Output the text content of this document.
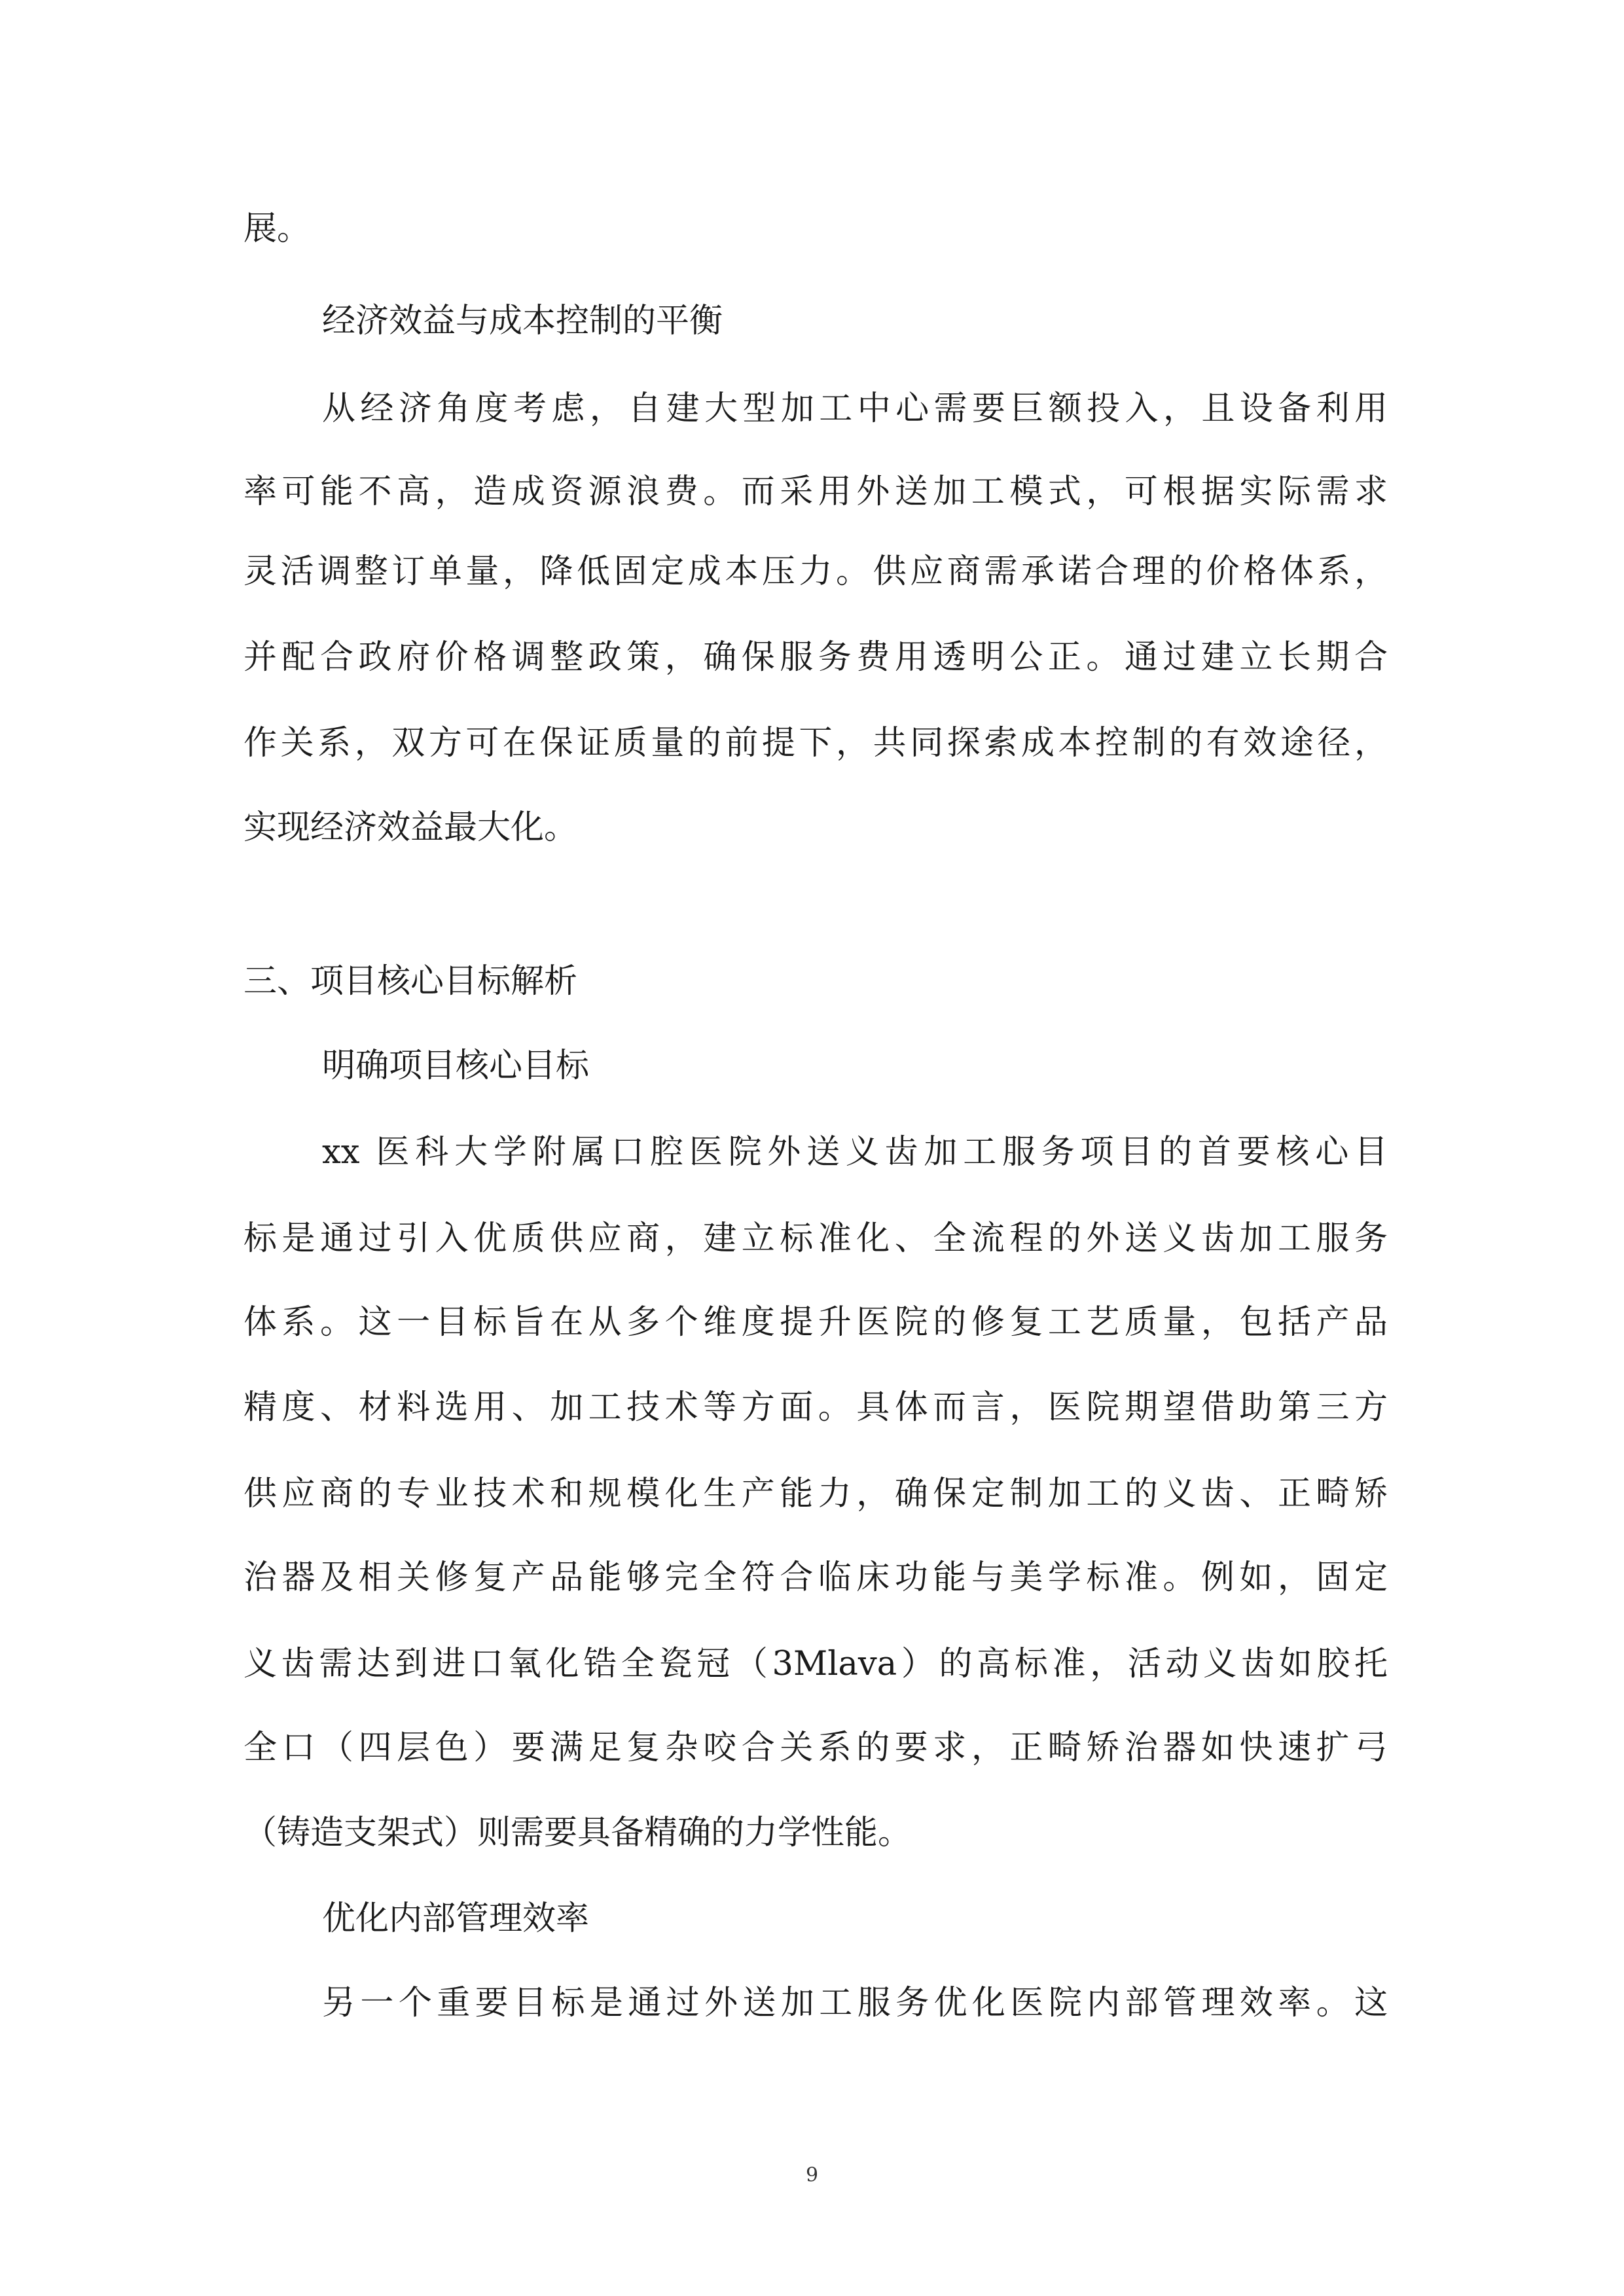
展。
经济效益与成本控制的平衡
从经济角度考虑，自建大型加工中心需要巨额投入，且设备利用
率可能不高，造成资源浪费。而采用外送加工模式，可根据实际需求
灵活调整订单量，降低固定成本压力。供应商需承诺合理的价格体系，
并配合政府价格调整政策，确保服务费用透明公正。通过建立长期合
作关系，双方可在保证质量的前提下，共同探索成本控制的有效途径，
实现经济效益最大化。
三、项目核心目标解析
明确项目核心目标
xx 医科大学附属口腔医院外送义齿加工服务项目的首要核心目
标是通过引入优质供应商，建立标准化、全流程的外送义齿加工服务
体系。这一目标旨在从多个维度提升医院的修复工艺质量，包括产品
精度、材料选用、加工技术等方面。具体而言，医院期望借助第三方
供应商的专业技术和规模化生产能力，确保定制加工的义齿、正畸矫
治器及相关修复产品能够完全符合临床功能与美学标准。例如，固定
义齿需达到进口氧化锆全瓷冠（3Mlava）的高标准，活动义齿如胶托
全口（四层色）要满足复杂咬合关系的要求，正畸矫治器如快速扩弓
（铸造支架式）则需要具备精确的力学性能。
优化内部管理效率
另一个重要目标是通过外送加工服务优化医院内部管理效率。这
9
